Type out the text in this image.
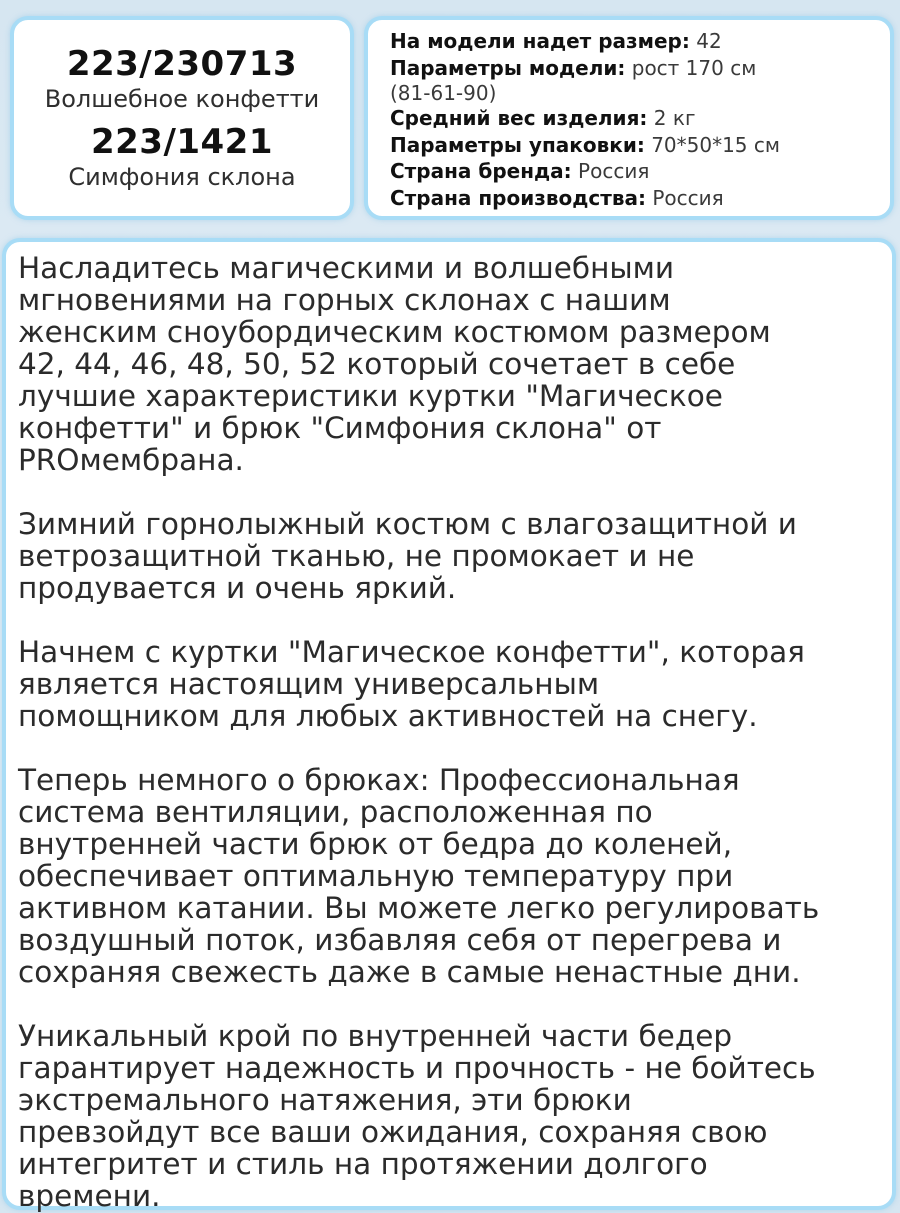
223/230713
Волшебное конфетти
223/1421
Симфония склона
На модели надет размер: 42
Параметры модели: рост 170 см
(81-61-90)
Средний вес изделия: 2 кг
Параметры упаковки: 70*50*15 см
Страна бренда: Россия
Страна производства: Россия

Насладитесь магическими и волшебными
мгновениями на горных склонах с нашим
женским сноубордическим костюмом размером
42, 44, 46, 48, 50, 52 который сочетает в себе
лучшие характеристики куртки "Магическое
конфетти" и брюк "Симфония склона" от
PROмембрана.

Зимний горнолыжный костюм с влагозащитной и
ветрозащитной тканью, не промокает и не
продувается и очень яркий.

Начнем с куртки "Магическое конфетти", которая
является настоящим универсальным
помощником для любых активностей на снегу.

Теперь немного о брюках: Профессиональная
система вентиляции, расположенная по
внутренней части брюк от бедра до коленей,
обеспечивает оптимальную температуру при
активном катании. Вы можете легко регулировать
воздушный поток, избавляя себя от перегрева и
сохраняя свежесть даже в самые ненастные дни.

Уникальный крой по внутренней части бедер
гарантирует надежность и прочность - не бойтесь
экстремального натяжения, эти брюки
превзойдут все ваши ожидания, сохраняя свою
интегритет и стиль на протяжении долгого
времени.
